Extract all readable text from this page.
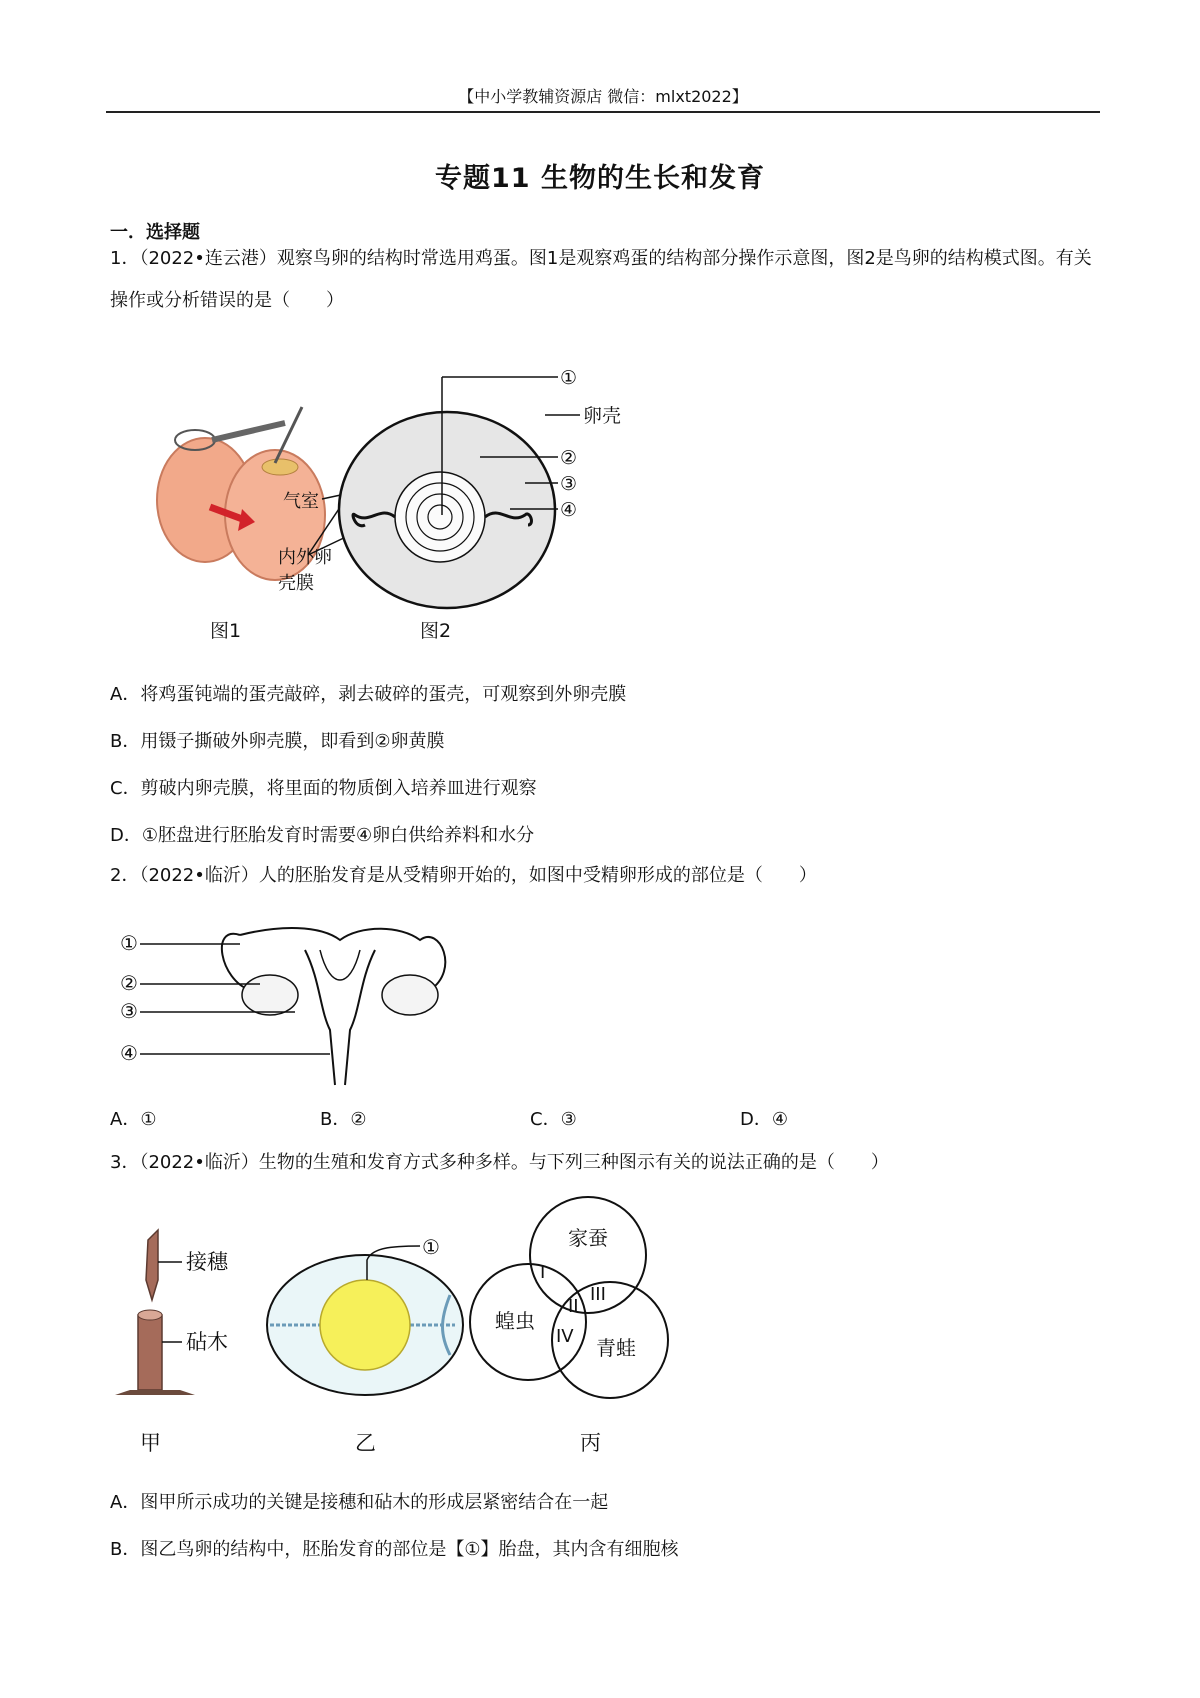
【中小学教辅资源店 微信：mlxt2022】
专题11 生物的生长和发育
一．选择题
1．（2022•连云港）观察鸟卵的结构时常选用鸡蛋。图1是观察鸡蛋的结构部分操作示意图，图2是鸟卵的结构模式图。有关操作或分析错误的是（　　）
气室
内外卵
壳膜
图1
①
卵壳
②
③
④
图2
A．将鸡蛋钝端的蛋壳敲碎，剥去破碎的蛋壳，可观察到外卵壳膜
B．用镊子撕破外卵壳膜，即看到②卵黄膜
C．剪破内卵壳膜，将里面的物质倒入培养皿进行观察
D．①胚盘进行胚胎发育时需要④卵白供给养料和水分
2．（2022•临沂）人的胚胎发育是从受精卵开始的，如图中受精卵形成的部位是（　　）
①
②
③
④
A．①	B．②	C．③	D．④
3．（2022•临沂）生物的生殖和发育方式多种多样。与下列三种图示有关的说法正确的是（　　）
接穗
砧木
甲
①
乙
家蚕
蝗虫
青蛙
I
II
III
IV
丙
A．图甲所示成功的关键是接穗和砧木的形成层紧密结合在一起
B．图乙鸟卵的结构中，胚胎发育的部位是【①】胎盘，其内含有细胞核
